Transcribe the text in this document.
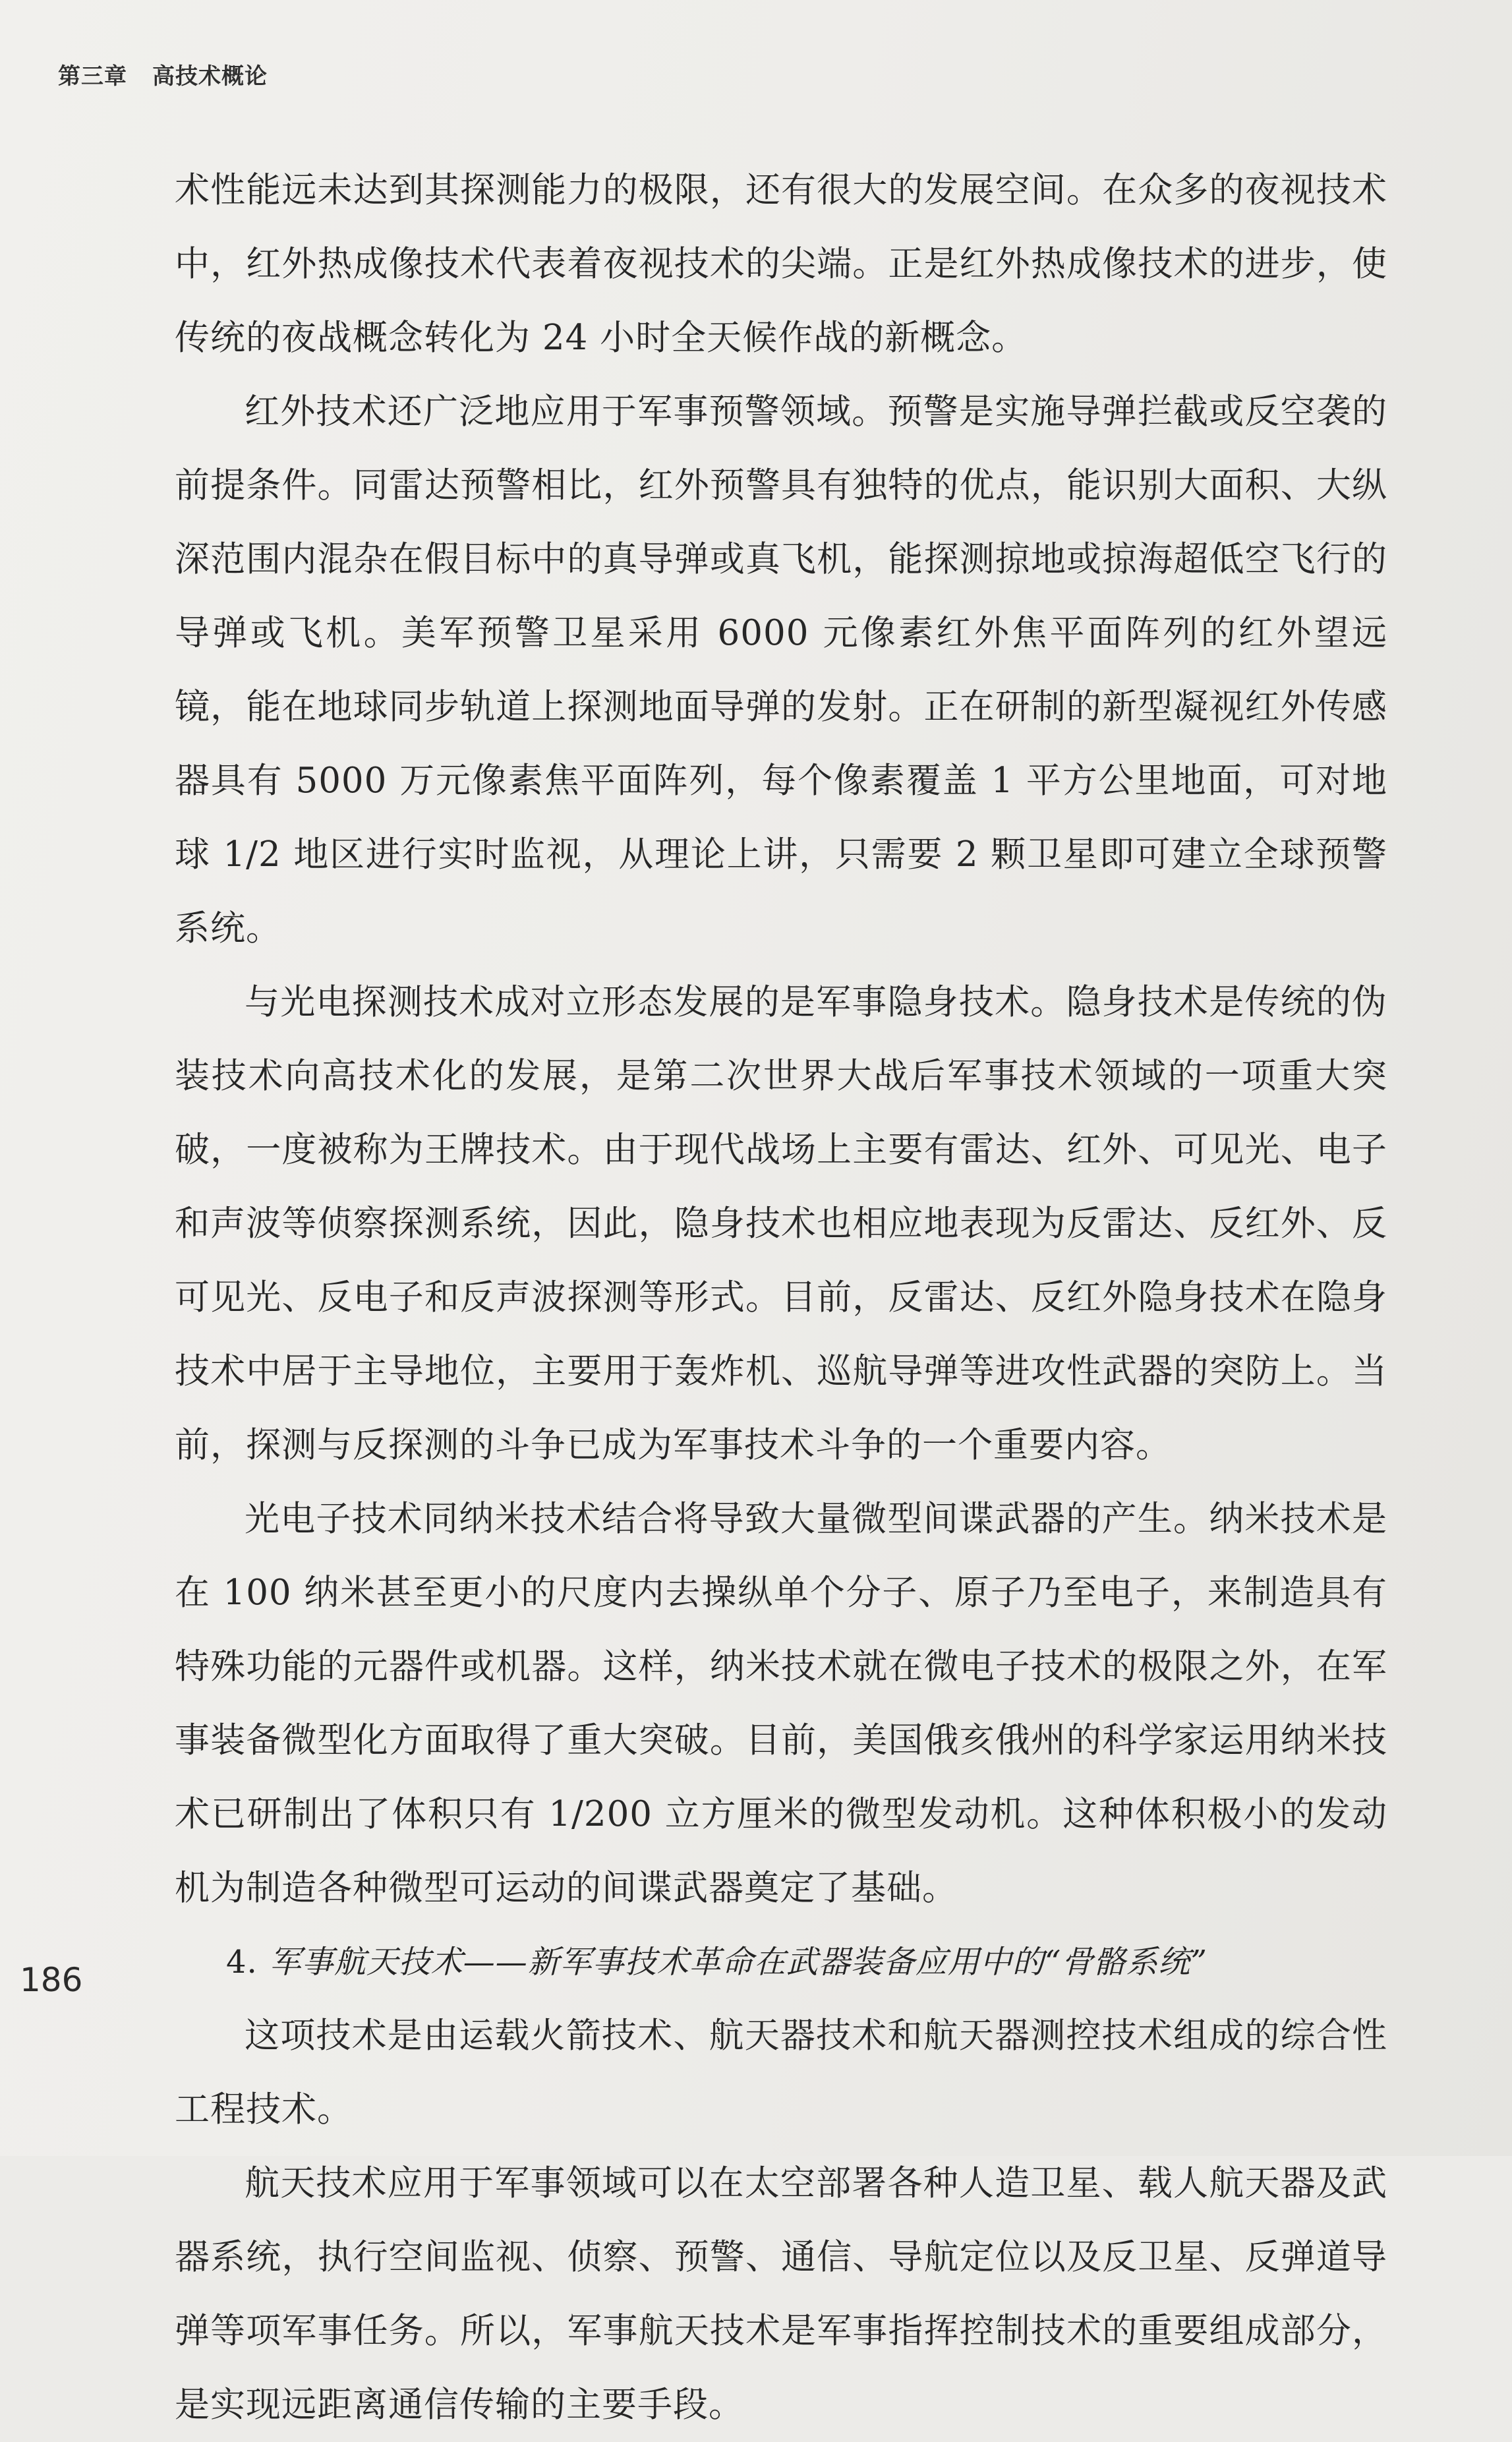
第三章 高技术概论

术性能远未达到其探测能力的极限，还有很大的发展空间。在众多的夜视技术中，红外热成像技术代表着夜视技术的尖端。正是红外热成像技术的进步，使传统的夜战概念转化为 24 小时全天候作战的新概念。

红外技术还广泛地应用于军事预警领域。预警是实施导弹拦截或反空袭的前提条件。同雷达预警相比，红外预警具有独特的优点，能识别大面积、大纵深范围内混杂在假目标中的真导弹或真飞机，能探测掠地或掠海超低空飞行的导弹或飞机。美军预警卫星采用 6000 元像素红外焦平面阵列的红外望远镜，能在地球同步轨道上探测地面导弹的发射。正在研制的新型凝视红外传感器具有 5000 万元像素焦平面阵列，每个像素覆盖 1 平方公里地面，可对地球 1/2 地区进行实时监视，从理论上讲，只需要 2 颗卫星即可建立全球预警系统。

与光电探测技术成对立形态发展的是军事隐身技术。隐身技术是传统的伪装技术向高技术化的发展，是第二次世界大战后军事技术领域的一项重大突破，一度被称为王牌技术。由于现代战场上主要有雷达、红外、可见光、电子和声波等侦察探测系统，因此，隐身技术也相应地表现为反雷达、反红外、反可见光、反电子和反声波探测等形式。目前，反雷达、反红外隐身技术在隐身技术中居于主导地位，主要用于轰炸机、巡航导弹等进攻性武器的突防上。当前，探测与反探测的斗争已成为军事技术斗争的一个重要内容。

光电子技术同纳米技术结合将导致大量微型间谍武器的产生。纳米技术是在 100 纳米甚至更小的尺度内去操纵单个分子、原子乃至电子，来制造具有特殊功能的元器件或机器。这样，纳米技术就在微电子技术的极限之外，在军事装备微型化方面取得了重大突破。目前，美国俄亥俄州的科学家运用纳米技术已研制出了体积只有 1/200 立方厘米的微型发动机。这种体积极小的发动机为制造各种微型可运动的间谍武器奠定了基础。

4. 军事航天技术——新军事技术革命在武器装备应用中的“骨骼系统”

这项技术是由运载火箭技术、航天器技术和航天器测控技术组成的综合性工程技术。

航天技术应用于军事领域可以在太空部署各种人造卫星、载人航天器及武器系统，执行空间监视、侦察、预警、通信、导航定位以及反卫星、反弹道导弹等项军事任务。所以，军事航天技术是军事指挥控制技术的重要组成部分，是实现远距离通信传输的主要手段。

186
